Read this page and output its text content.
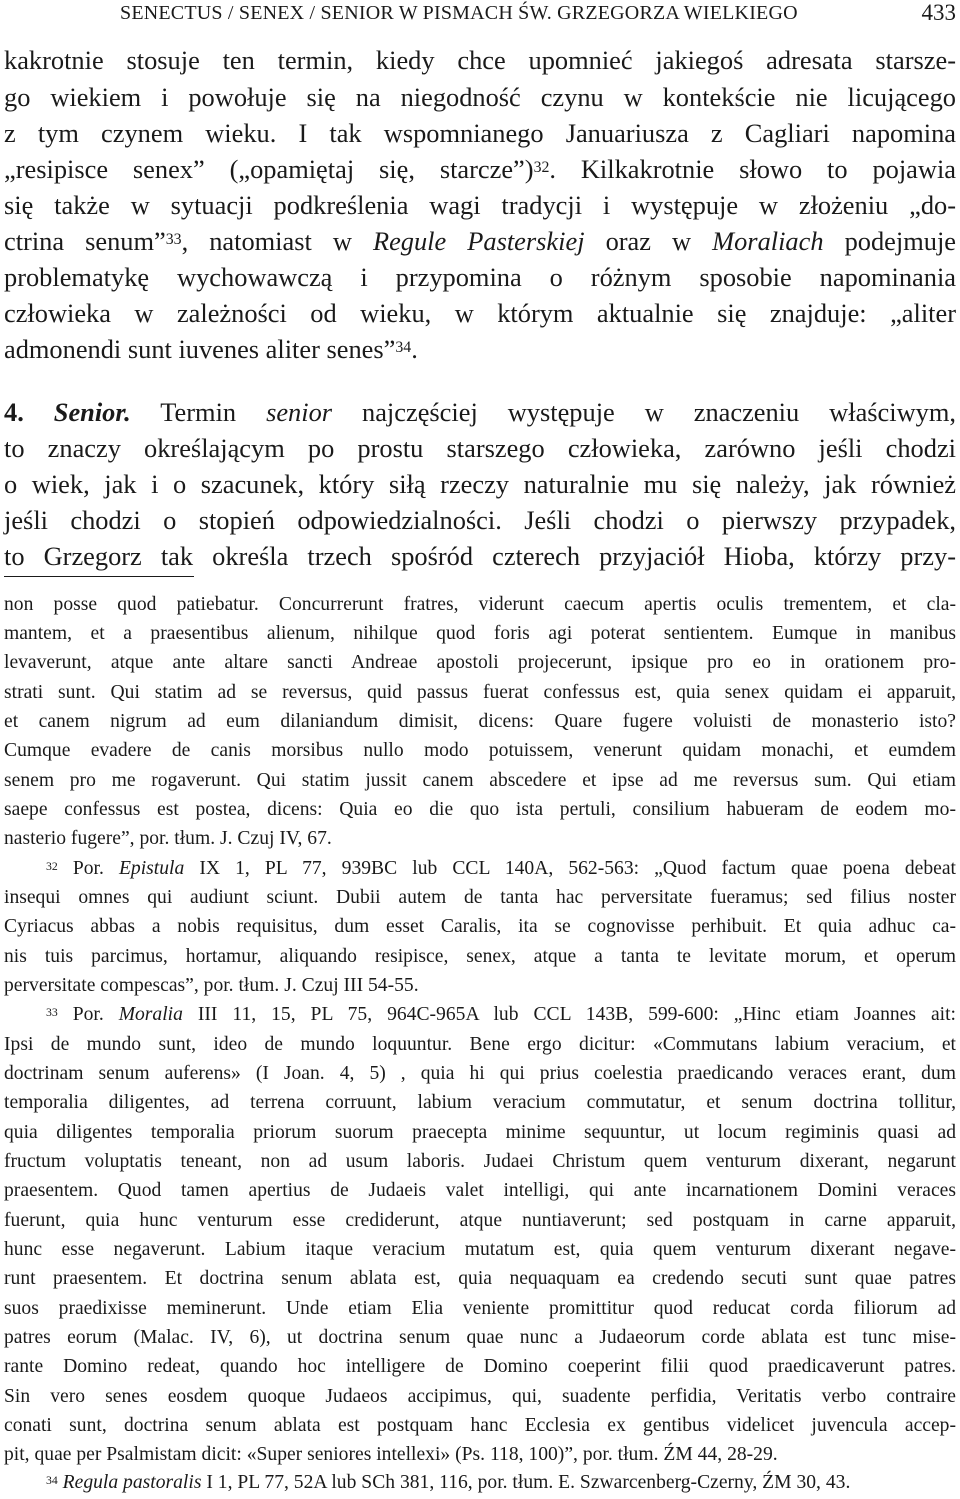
SENECTUS / SENEX / SENIOR W PISMACH ŚW. GRZEGORZA WIELKIEGO	433
kakrotnie stosuje ten termin, kiedy chce upomnieć jakiegoś adresata starsze-
go wiekiem i powołuje się na niegodność czynu w kontekście nie licującego
z tym czynem wieku. I tak wspomnianego Januariusza z Cagliari napomina
„resipisce senex” („opamiętaj się, starcze”)$^{32}$. Kilkakrotnie słowo to pojawia
się także w sytuacji podkreślenia wagi tradycji i występuje w złożeniu „do-
ctrina senum”$^{33}$, natomiast w Regule Pasterskiej oraz w Moraliach podejmuje
problematykę wychowawczą i przypomina o różnym sposobie napominania
człowieka w zależności od wieku, w którym aktualnie się znajduje: „aliter
admonendi sunt iuvenes aliter senes”$^{34}$.
4. Senior. Termin senior najczęściej występuje w znaczeniu właściwym,
to znaczy określającym po prostu starszego człowieka, zarówno jeśli chodzi
o wiek, jak i o szacunek, który siłą rzeczy naturalnie mu się należy, jak również
jeśli chodzi o stopień odpowiedzialności. Jeśli chodzi o pierwszy przypadek,
to Grzegorz tak określa trzech spośród czterech przyjaciół Hioba, którzy przy-
non posse quod patiebatur. Concurrerunt fratres, viderunt caecum apertis oculis trementem, et cla-
mantem, et a praesentibus alienum, nihilque quod foris agi poterat sentientem. Eumque in manibus
levaverunt, atque ante altare sancti Andreae apostoli projecerunt, ipsique pro eo in orationem pro-
strati sunt. Qui statim ad se reversus, quid passus fuerat confessus est, quia senex quidam ei apparuit,
et canem nigrum ad eum dilaniandum dimisit, dicens: Quare fugere voluisti de monasterio isto?
Cumque evadere de canis morsibus nullo modo potuissem, venerunt quidam monachi, et eumdem
senem pro me rogaverunt. Qui statim jussit canem abscedere et ipse ad me reversus sum. Qui etiam
saepe confessus est postea, dicens: Quia eo die quo ista pertuli, consilium habueram de eodem mo-
nasterio fugere”, por. tłum. J. Czuj IV, 67.
$^{32}$ Por. Epistula IX 1, PL 77, 939BC lub CCL 140A, 562-563: „Quod factum quae poena debeat
insequi omnes qui audiunt sciunt. Dubii autem de tanta hac perversitate fueramus; sed filius noster
Cyriacus abbas a nobis requisitus, dum esset Caralis, ita se cognovisse perhibuit. Et quia adhuc ca-
nis tuis parcimus, hortamur, aliquando resipisce, senex, atque a tanta te levitate morum, et operum
perversitate compescas”, por. tłum. J. Czuj III 54-55.
$^{33}$ Por. Moralia III 11, 15, PL 75, 964C-965A lub CCL 143B, 599-600: „Hinc etiam Joannes ait:
Ipsi de mundo sunt, ideo de mundo loquuntur. Bene ergo dicitur: «Commutans labium veracium, et
doctrinam senum auferens» (I Joan. 4, 5) , quia hi qui prius coelestia praedicando veraces erant, dum
temporalia diligentes, ad terrena corruunt, labium veracium commutatur, et senum doctrina tollitur,
quia diligentes temporalia priorum suorum praecepta minime sequuntur, ut locum regiminis quasi ad
fructum voluptatis teneant, non ad usum laboris. Judaei Christum quem venturum dixerant, negarunt
praesentem. Quod tamen apertius de Judaeis valet intelligi, qui ante incarnationem Domini veraces
fuerunt, quia hunc venturum esse crediderunt, atque nuntiaverunt; sed postquam in carne apparuit,
hunc esse negaverunt. Labium itaque veracium mutatum est, quia quem venturum dixerant negave-
runt praesentem. Et doctrina senum ablata est, quia nequaquam ea credendo secuti sunt quae patres
suos praedixisse meminerunt. Unde etiam Elia veniente promittitur quod reducat corda filiorum ad
patres eorum (Malac. IV, 6), ut doctrina senum quae nunc a Judaeorum corde ablata est tunc mise-
rante Domino redeat, quando hoc intelligere de Domino coeperint filii quod praedicaverunt patres.
Sin vero senes eosdem quoque Judaeos accipimus, qui, suadente perfidia, Veritatis verbo contraire
conati sunt, doctrina senum ablata est postquam hanc Ecclesia ex gentibus videlicet juvencula accep-
pit, quae per Psalmistam dicit: «Super seniores intellexi» (Ps. 118, 100)”, por. tłum. ŹM 44, 28-29.
$^{34}$ Regula pastoralis I 1, PL 77, 52A lub SCh 381, 116, por. tłum. E. Szwarcenberg-Czerny, ŹM 30, 43.
